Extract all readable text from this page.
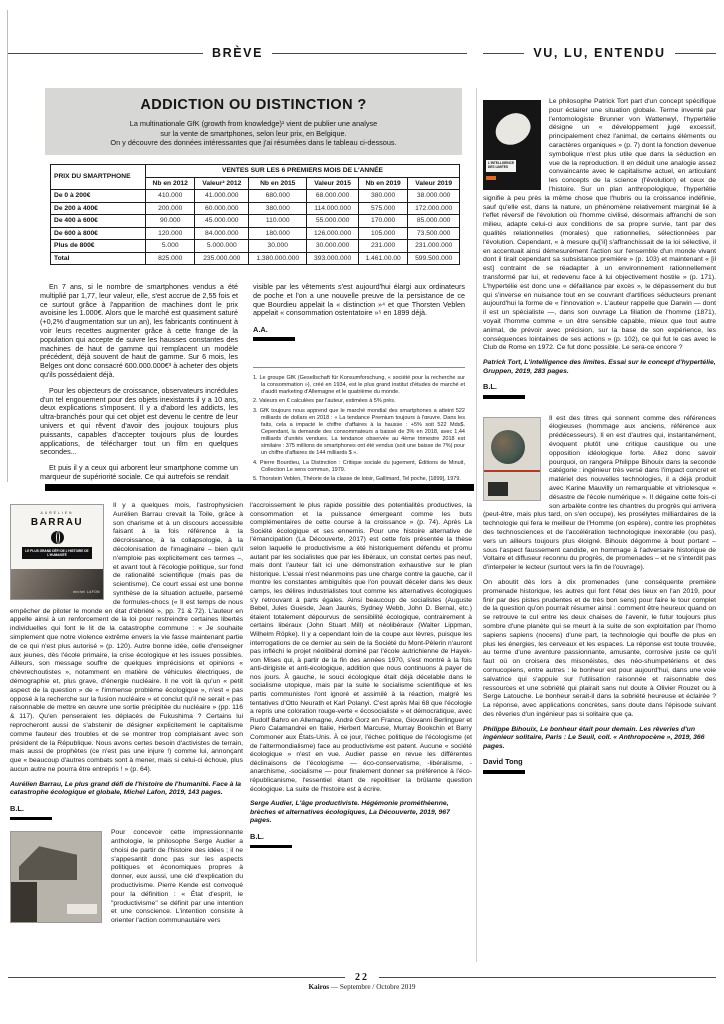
BRÈVE	VU, LU, ENTENDU

ADDICTION OU DISTINCTION ?

La multinationale GfK (growth from knowledge)¹ vient de publier une analyse

sur la vente de smartphones, selon leur prix, en Belgique.

On y découvre des données intéressantes que j'ai résumées dans le tableau ci-dessous.

PRIX DU SMARTPHONE	VENTES SUR LES 6 PREMIERS MOIS DE L'ANNÉE					
	Nb en 2012	Valeur² 2012	Nb en 2015	Valeur 2015	Nb en 2019	Valeur 2019
De 0 à 200€	410.000	41.000.000	680.000	68.000.000	380.000	38.000.000
De 200 à 400€	200.000	60.000.000	380.000	114.000.000	575.000	172.000.000
De 400 à 600€	90.000	45.000.000	110.000	55.000.000	170.000	85.000.000
De 600 à 800€	120.000	84.000.000	180.000	126.000.000	105.000	73.500.000
Plus de 800€	5.000	5.000.000	30.000	30.000.000	231.000	231.000.000
Total	825.000	235.000.000	1.380.000.000	393.000.000	1.461.00.00	599.500.000

En 7 ans, si le nombre de smartphones vendus a été multiplié par 1,77, leur valeur, elle, s'est accrue de 2,55 fois et ce surtout grâce à l'apparition de machines dont le prix avoisine les 1.000€. Alors que le marché est quasiment saturé (+0,2% d'augmentation sur un an), les fabricants continuent à voir leurs recettes augmenter grâce à cette frange de la population qui accepte de suivre les hausses constantes des machines de haut de gamme qui remplacent un modèle précédent, déjà souvent de haut de gamme. Sur 6 mois, les Belges ont donc consacré 600.000.000€³ à acheter des objets qu'ils possédaient déjà.

Pour les objecteurs de croissance, observateurs incrédules d'un tel engouement pour des objets inexistants il y a 10 ans, deux explications s'imposent. Il y a d'abord les addicts, les ultra-branchés pour qui cet objet est devenu le centre de leur univers et qui rêvent d'avoir des joujoux toujours plus puissants, capables d'accepter toujours plus de lourdes applications, de télécharger tout un film en quelques secondes...

Et puis il y a ceux qui arborent leur smartphone comme un marqueur de supériorité sociale. Ce qui autrefois se rendait

visible par les vêtements s'est aujourd'hui élargi aux ordinateurs de poche et l'on a une nouvelle preuve de la persistance de ce que Bourdieu appelait la « distinction »⁴ et que Thorsten Veblen appelait « consommation ostentatoire »⁵ en 1899 déjà.

A.A.

1. Le groupe GfK (Gesellschaft für Konsumforschung, « société pour la recherche sur la consommation »), créé en 1934, est le plus grand institut d'études de marché et d'audit marketing d'Allemagne et le quatrième du monde.

2. Valeurs en € calculées par l'auteur, estimées à 5% près.

3. GfK toujours nous apprend que le marché mondial des smartphones a atteint 522 milliards de dollars en 2018 : « La tendance Premium toujours à l'œuvre. Dans les faits, cela a impacté le chiffre d'affaires à la hausse : +5% soit 522 Mds$. Cependant, la demande des consommateurs a baissé de 3% en 2018, avec 1,44 milliards d'unités vendues. La tendance observée au 4ème trimestre 2018 est similaire : 375 millions de smartphones ont été vendus (soit une baisse de 7%) pour un chiffre d'affaires de 144 milliards $ ».

4. Pierre Bourdieu, La Distinction : Critique sociale du jugement, Éditions de Minuit, Collection Le sens commun, 1979.

5. Thorstein Veblen, Théorie de la classe de loisir, Gallimard, Tel poche, [1899], 1979.

AURÉLIEN
BARRAU
LE PLUS GRAND DÉFI DE L'HISTOIRE DE L'HUMANITÉ
michel LAFON

Il y a quelques mois, l'astrophysicien Aurélien Barrau crevait la Toile, grâce à son charisme et à un discours accessible faisant à la fois référence à la décroissance, à la collapsologie, à la décolonisation de l'imaginaire – bien qu'il n'emploie pas explicitement ces termes –, et avant tout à l'écologie politique, sur fond de rationalité scientifique (mais pas de scientisme). Ce court essai est une bonne synthèse de la situation actuelle, parsemé de formules-chocs (« Il est temps de nous empêcher de piloter le monde en état d'ébriété », pp. 71 & 72). L'auteur en appelle ainsi à un renforcement de la loi pour restreindre certaines libertés individuelles qui font le lit de la catastrophe commune : « Je souhaite simplement que notre violence extrême envers la vie fasse maintenant partie de ce qui n'est plus autorisé » (p. 120). Autre bonne idée, celle d'enseigner aux jeunes, dès l'école primaire, la crise écologique et les issues possibles. Ailleurs, son message souffre de quelques imprécisions et opinions « chèvrechoutistes », notamment en matière de véhicules électriques, de démographie et, plus grave, d'énergie nucléaire. Il ne voit là qu'un « petit aspect de la question » de « l'immense problème écologique », n'est « pas opposé à la recherche sur la fusion nucléaire » et conclut qu'il ne serait « pas raisonnable de mettre en œuvre une sortie précipitée du nucléaire » (pp. 116 & 117). Qu'en penseraient les déplacés de Fukushima ? Certains lui reprocheront aussi de s'abstenir de désigner explicitement le capitalisme comme fauteur des troubles et de se montrer trop complaisant avec son président de la République. Nous avons certes besoin d'activistes de terrain, mais aussi de prophètes (ce n'est pas une injure !) comme lui, annonçant que « beaucoup d'autres combats sont à mener, mais si celui-ci échoue, plus aucun autre ne pourra être entrepris ! » (p. 64).

Aurélien Barrau, Le plus grand défi de l'histoire de l'humanité. Face à la catastrophe écologique et globale, Michel Lafon, 2019, 143 pages.

B.L.

Pour concevoir cette impressionnante anthologie, le philosophe Serge Audier a choisi de partir de l'histoire des idées ; il ne s'appesantit donc pas sur les aspects politiques et économiques propres à donner, eux aussi, une clé d'explication du productivisme. Pierre Kende est convoqué pour la définition : « État d'esprit, le "productivisme" se définit par une intention et une conscience. L'intention consiste à orienter l'action communautaire vers

l'accroissement le plus rapide possible des potentialités productives, la consommation et la puissance émergeant comme les buts complémentaires de cette course à la croissance » (p. 74). Après La Société écologique et ses ennemis. Pour une histoire alternative de l'émancipation (La Découverte, 2017) est cette fois présentée la thèse selon laquelle le productivisme a été historiquement défendu et promu autant par les socialistes que par les libéraux, un constat certes pas neuf, mais dont l'auteur fait ici une démonstration exhaustive sur le plan historique. L'essai n'est néanmoins pas une charge contre la gauche, car il montre les constantes ambiguïtés que l'on pouvait déceler dans les deux camps, les délires industrialistes tout comme les alternatives écologiques s'y retrouvant à parts égales. Ainsi beaucoup de socialistes (Auguste Bebel, Jules Guesde, Jean Jaurès, Sydney Webb, John D. Bernal, etc.) étaient totalement dépourvus de sensibilité écologique, contrairement à certains libéraux (John Stuart Mill) et néolibéraux (Walter Lippman, Wilhelm Röpke). Il y a cependant loin de la coupe aux lèvres, puisque les interrogations de ce dernier au sein de la Société du Mont-Pèlerin n'auront pas infléchi le projet néolibéral dominé par l'école autrichienne de Hayek-von Mises qui, à partir de la fin des années 1970, s'est montré à la fois anti-dirigiste et anti-écologique, addition que nous continuons à payer de nos jours. À gauche, le souci écologique était déjà décelable dans le socialisme utopique, mais par la suite le socialisme scientifique et les partis communistes l'ont ignoré et assimilé à la réaction, malgré les tentatives d'Otto Neurath et Karl Polanyi. C'est après Mai 68 que l'écologie a repris une coloration rouge-verte « écosocialiste » et démocratique, avec Rudolf Bahro en Allemagne, André Gorz en France, Giovanni Berlinguer et Piero Calamandrei en Italie, Herbert Marcuse, Murray Bookchin et Barry Commoner aux États-Unis. À ce jour, l'échec politique de l'écologisme (et de l'altermondialisme) face au productivisme est patent. Aucune « société écologique » n'est en vue. Audier passe en revue les différentes déclinaisons de l'écologisme — éco-conservatisme, -libéralisme, -anarchisme, -socialisme — pour finalement donner sa préférence à l'éco-républicanisme, l'essentiel étant de repolitiser la brûlante question écologique. La suite de l'histoire est à écrire.

Serge Audier, L'âge productiviste. Hégémonie prométhéenne, brèches et alternatives écologiques, La Découverte, 2019, 967 pages.

B.L.
L'INTELLIGENCE DES LIMITES

Le philosophe Patrick Tort part d'un concept spécifique pour éclairer une situation globale. Terme inventé par l'entomologiste Brunner von Wattenwyl, l'hypertélie désigne un « développement jugé excessif, principalement chez l'animal, de certains éléments ou caractères organiques » (p. 7) dont la fonction devenue symbolique n'est plus utile que dans la séduction en vue de la reproduction. Il en déduit une analogie assez convaincante avec le capitalisme actuel, en articulant les concepts de la science (l'évolution) et ceux de l'histoire. Sur un plan anthropologique, l'hypertélie signifie à peu près la même chose que l'hubris ou la croissance indéfinie, sauf qu'elle est, dans la nature, un phénomène relativement marginal lié à l'effet réversif de l'évolution où l'homme civilisé, désormais affranchi de son milieu, adapte celui-ci aux conditions de sa propre survie, tant par des qualités relationnelles (morales) que rationnelles, sélectionnées par l'évolution. Cependant, « à mesure qu['il] s'affranchissait de la loi sélective, il en accentuait ainsi démesurément l'action sur l'ensemble d'un monde vivant dont il tirait cependant sa subsistance première » (p. 103) et maintenant « [il est] contraint de se réadapter à un environnement rationnellement transformé par lui, et redevenu face à lui objectivement hostile » (p. 171). L'hypertélie est donc une « défaillance par excès », le dépassement du but qui s'inverse en nuisance tout en se couvrant d'artifices séducteurs prenant aujourd'hui la forme de « l'innovation ». L'auteur rappelle que Darwin — dont il est un spécialiste —, dans son ouvrage La filiation de l'homme (1871), voyait l'homme comme « un être sensible capable, mieux que tout autre animal, de prévoir avec précision, sur la base de son expérience, les conséquences lointaines de ses actions » (p. 102), ce qui fut le cas avec le Club de Rome en 1972. Ce fut donc possible. Le sera-ce encore ?

Patrick Tort, L'intelligence des limites. Essai sur le concept d'hypertélie, Gruppen, 2019, 283 pages.

B.L.

Il est des titres qui sonnent comme des références élogieuses (hommage aux anciens, référence aux prédécesseurs). Il en est d'autres qui, instantanément, évoquent plutôt une critique caustique ou une opposition idéologique forte. Allez donc savoir pourquoi, on rangera Philippe Bihouix dans la seconde catégorie : ingénieur très versé dans l'impact concret et matériel des nouvelles technologies, il a déjà produit avec Karine Mauvilly un remarquable et vitriolesque « désastre de l'école numérique ». Il dégaine cette fois-ci son arbalète contre les chantres du progrès qui arrivera (peut-être, mais plus tard, on s'en occupe), les prosélytes milliardaires de la technologie qui fera le meilleur de l'Homme (on espère), contre les prophètes des technosciences et de l'accélération technologique inexorable (ou pas), vers un ailleurs toujours plus éloigné. Bihouix dégomme à bout portant – sous l'aspect faussement candide, en hommage à l'adversaire historique de Voltaire et diffuseur reconnu du progrès, de promenades – et ne s'interdit pas d'interpeler le lecteur (surtout vers la fin de l'ouvrage).

On aboutit dès lors à dix promenades (une conséquente première promenade historique, les autres qui font l'état des lieux en l'an 2019, pour finir par des pistes prudentes et de très bon sens) pour faire le tour complet de la question qu'on pourrait résumer ainsi : comment être heureux quand on se retrouve le cul entre les deux chaises de l'avenir, le futur toujours plus sombre d'une planète qui se meurt à la suite de son exploitation par l'homo sapiens sapiens (nocens) d'une part, la technologie qui bouffe de plus en plus les énergies, les cerveaux et les espaces. La réponse est toute trouvée, au terme d'une aventure passionnante, amusante, corrosive juste ce qu'il faut où on croisera des misonéistes, des néo-shumpetériens et des cornucopiens, entre autres : le bonheur est pour aujourd'hui, dans une voie salvatrice qui s'appuie sur l'utilisation raisonnée et raisonnable des ressources et une sobriété qui plairait sans nul doute à Olivier Rouzet ou à Serge Latouche. Le bonheur serait-il dans la sobriété heureuse et éclairée ? La réponse, avec applications concrètes, sans doute dans l'épisode suivant des rêveries d'un ingénieur pas si solitaire que ça.

Philippe Bihouix, Le bonheur était pour demain. Les rêveries d'un ingénieur solitaire, Paris : Le Seuil, coll. « Anthropocène », 2019, 366 pages.

David Tong
22
Kairos — Septembre / Octobre 2019
